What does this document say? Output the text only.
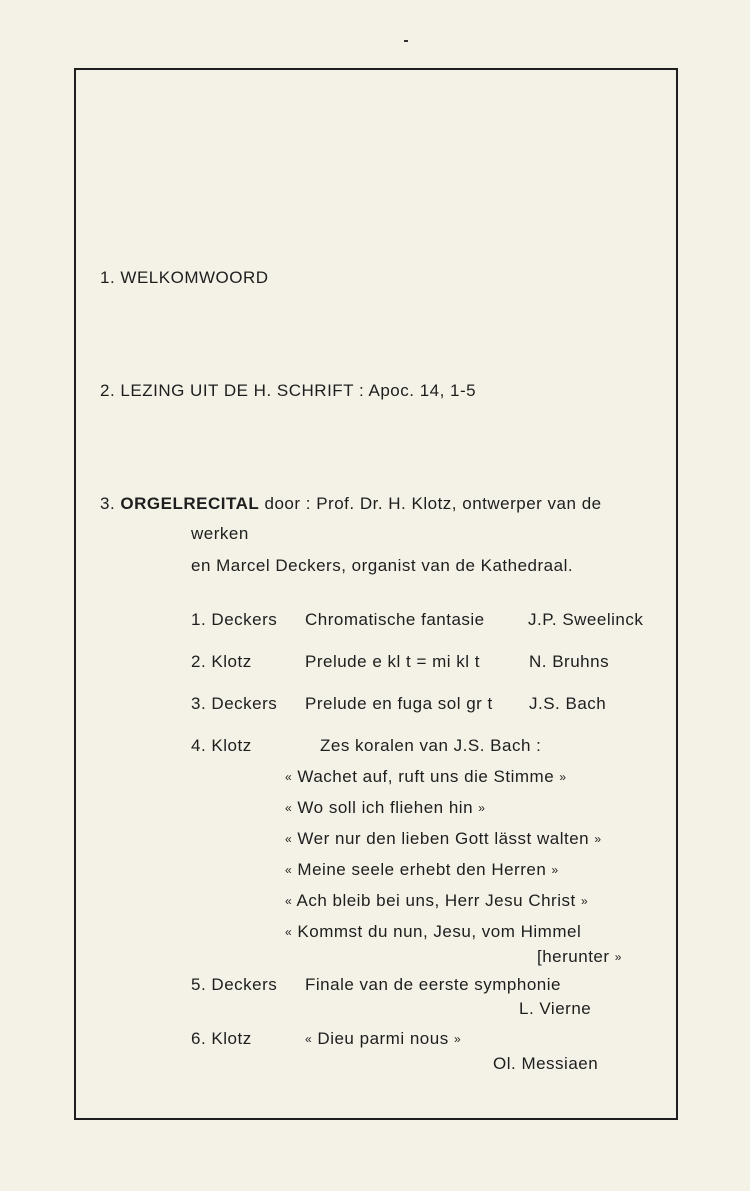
1. WELKOMWOORD
2. LEZING UIT DE H. SCHRIFT : Apoc. 14, 1-5
3. ORGELRECITAL door : Prof. Dr. H. Klotz, ontwerper van de
werken
en Marcel Deckers, organist van de Kathedraal.
1. Deckers Chromatische fantasie	J.P. Sweelinck
2. Klotz	Prelude e kl t = mi kl t	N. Bruhns
3. Deckers Prelude en fuga sol gr t J.S. Bach
4. Klotz	Zes koralen van J.S. Bach :
« Wachet auf, ruft uns die Stimme »
« Wo soll ich fliehen hin »
« Wer nur den lieben Gott lässt walten »
« Meine seele erhebt den Herren »
« Ach bleib bei uns, Herr Jesu Christ »
« Kommst du nun, Jesu, vom Himmel
[herunter »
5. Deckers Finale van de eerste symphonie
L. Vierne
6. Klotz	« Dieu parmi nous »
Ol. Messiaen
